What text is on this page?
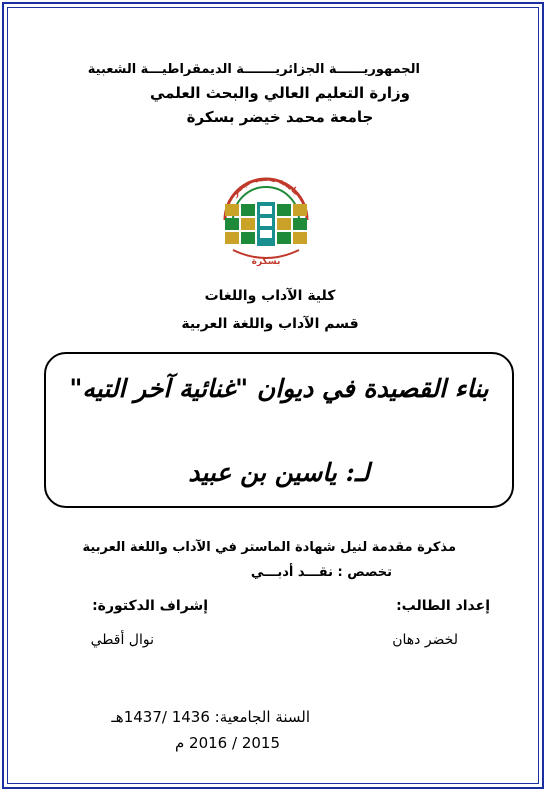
الجمهوريــــــة الجزائريـــــــة الديمقراطيـــة الشعبية
وزارة التعليم العالي والبحث العلمي
جامعة محمد خيضر بسكرة
جامعة محمد خيضر
بسكرة
كلية الآداب واللغات
قسم الآداب واللغة العربية
بناء القصيدة في ديوان "غنائية آخر التيه"
لـ: ياسين بن عبيد
مذكرة مقدمة لنيل شهادة الماستر في الآداب واللغة العربية
تخصص : نقـــد أدبـــي
إعداد الطالب:
إشراف الدكتورة:
لخضر دهان
نوال أقطي
السنة الجامعية: 1436 /1437هـ
2015 / 2016 م
